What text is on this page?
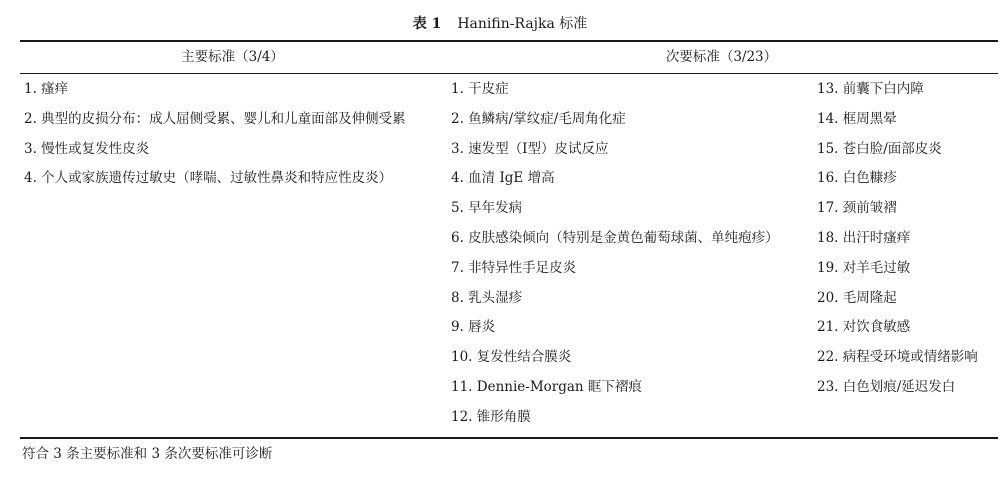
表 1 Hanifin-Rajka 标准
主要标准（3/4）	次要标准（3/23）
1. 瘙痒
2. 典型的皮损分布：成人屈侧受累、婴儿和儿童面部及伸侧受累
3. 慢性或复发性皮炎
4. 个人或家族遗传过敏史（哮喘、过敏性鼻炎和特应性皮炎）
1. 干皮症
2. 鱼鳞病/掌纹症/毛周角化症
3. 速发型（Ⅰ型）皮试反应
4. 血清 IgE 增高
5. 早年发病
6. 皮肤感染倾向（特别是金黄色葡萄球菌、单纯疱疹）
7. 非特异性手足皮炎
8. 乳头湿疹
9. 唇炎
10. 复发性结合膜炎
11. Dennie-Morgan 眶下褶痕
12. 锥形角膜
13. 前囊下白内障
14. 框周黑晕
15. 苍白脸/面部皮炎
16. 白色糠疹
17. 颈前皱褶
18. 出汗时瘙痒
19. 对羊毛过敏
20. 毛周隆起
21. 对饮食敏感
22. 病程受环境或情绪影响
23. 白色划痕/延迟发白
符合 3 条主要标准和 3 条次要标准可诊断
